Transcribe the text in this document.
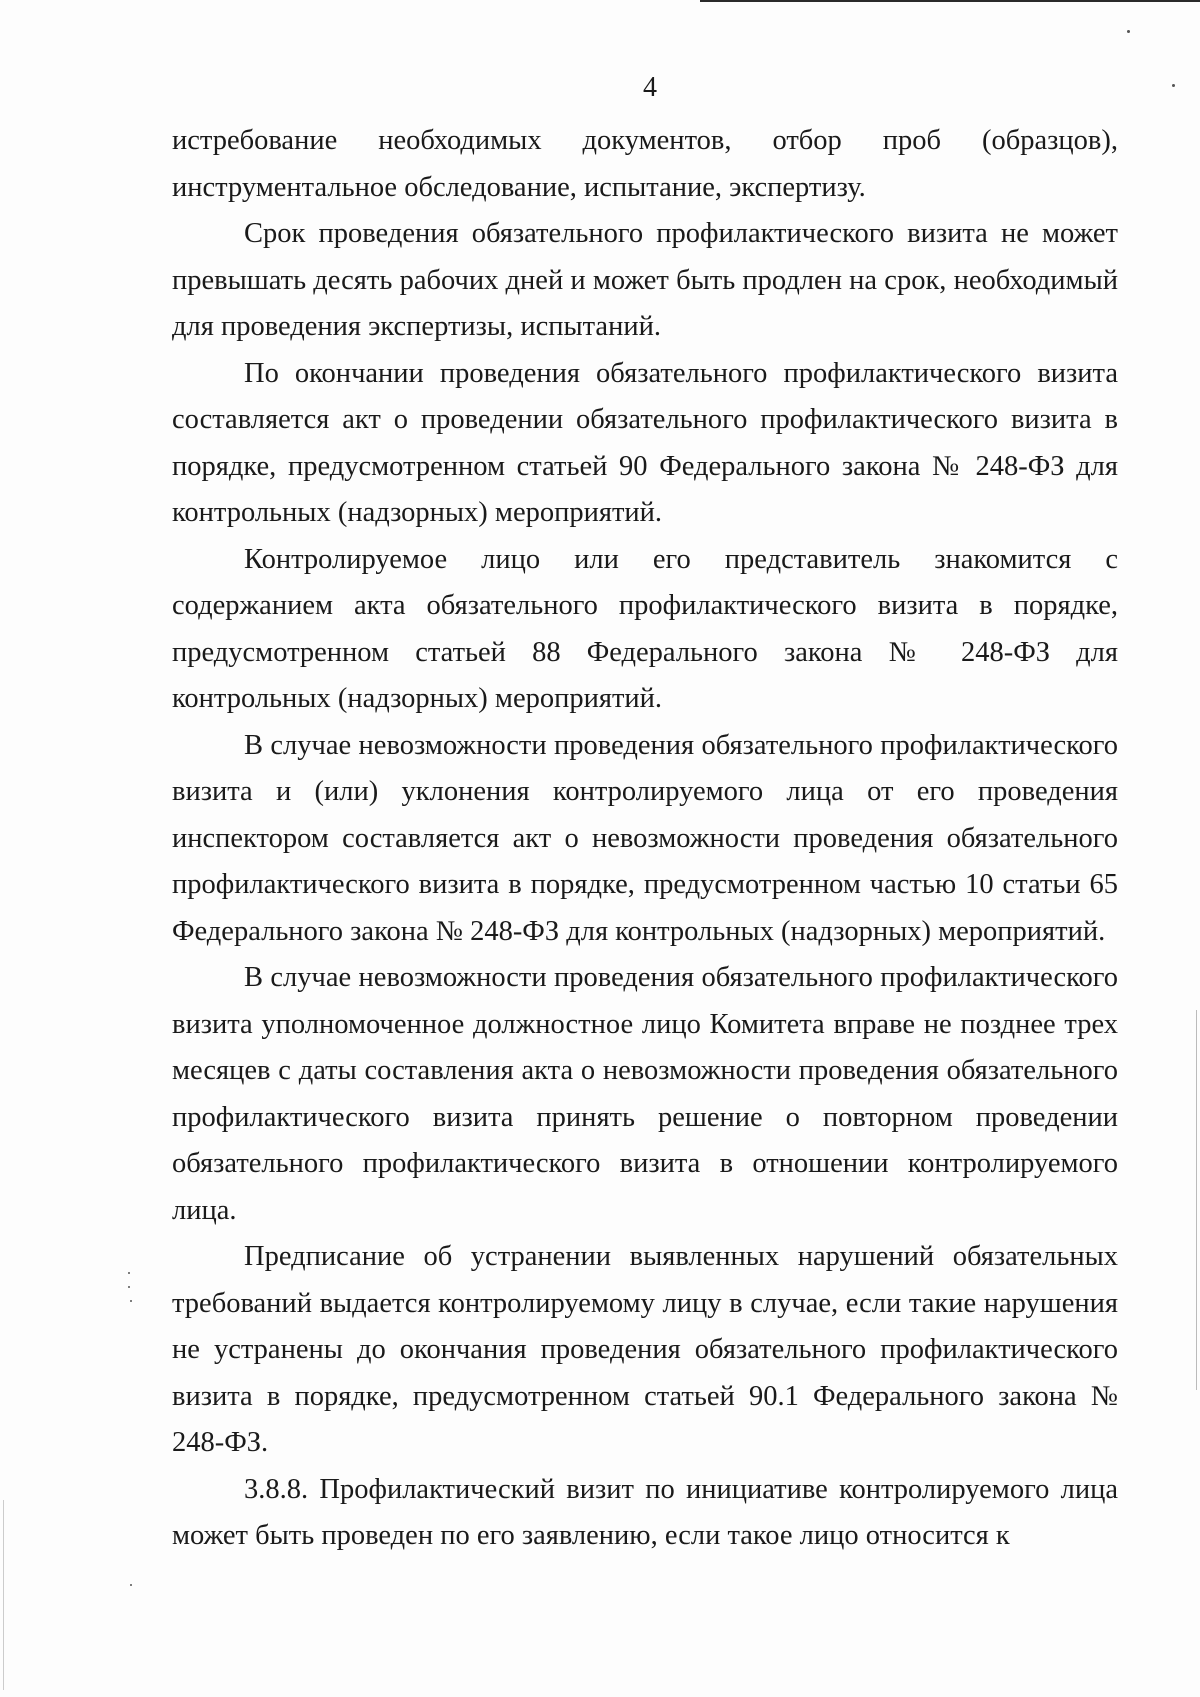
4

истребование необходимых документов, отбор проб (образцов), инструментальное обследование, испытание, экспертизу.

Срок проведения обязательного профилактического визита не может превышать десять рабочих дней и может быть продлен на срок, необходимый для проведения экспертизы, испытаний.

По окончании проведения обязательного профилактического визита составляется акт о проведении обязательного профилактического визита в порядке, предусмотренном статьей 90 Федерального закона № 248-ФЗ для контрольных (надзорных) мероприятий.

Контролируемое лицо или его представитель знакомится с содержанием акта обязательного профилактического визита в порядке, предусмотренном статьей 88 Федерального закона № 248-ФЗ для контрольных (надзорных) мероприятий.

В случае невозможности проведения обязательного профилактического визита и (или) уклонения контролируемого лица от его проведения инспектором составляется акт о невозможности проведения обязательного профилактического визита в порядке, предусмотренном частью 10 статьи 65 Федерального закона № 248-ФЗ для контрольных (надзорных) мероприятий.

В случае невозможности проведения обязательного профилактического визита уполномоченное должностное лицо Комитета вправе не позднее трех месяцев с даты составления акта о невозможности проведения обязательного профилактического визита принять решение о повторном проведении обязательного профилактического визита в отношении контролируемого лица.

Предписание об устранении выявленных нарушений обязательных требований выдается контролируемому лицу в случае, если такие нарушения не устранены до окончания проведения обязательного профилактического визита в порядке, предусмотренном статьей 90.1 Федерального закона № 248-ФЗ.

3.8.8. Профилактический визит по инициативе контролируемого лица может быть проведен по его заявлению, если такое лицо относится к
